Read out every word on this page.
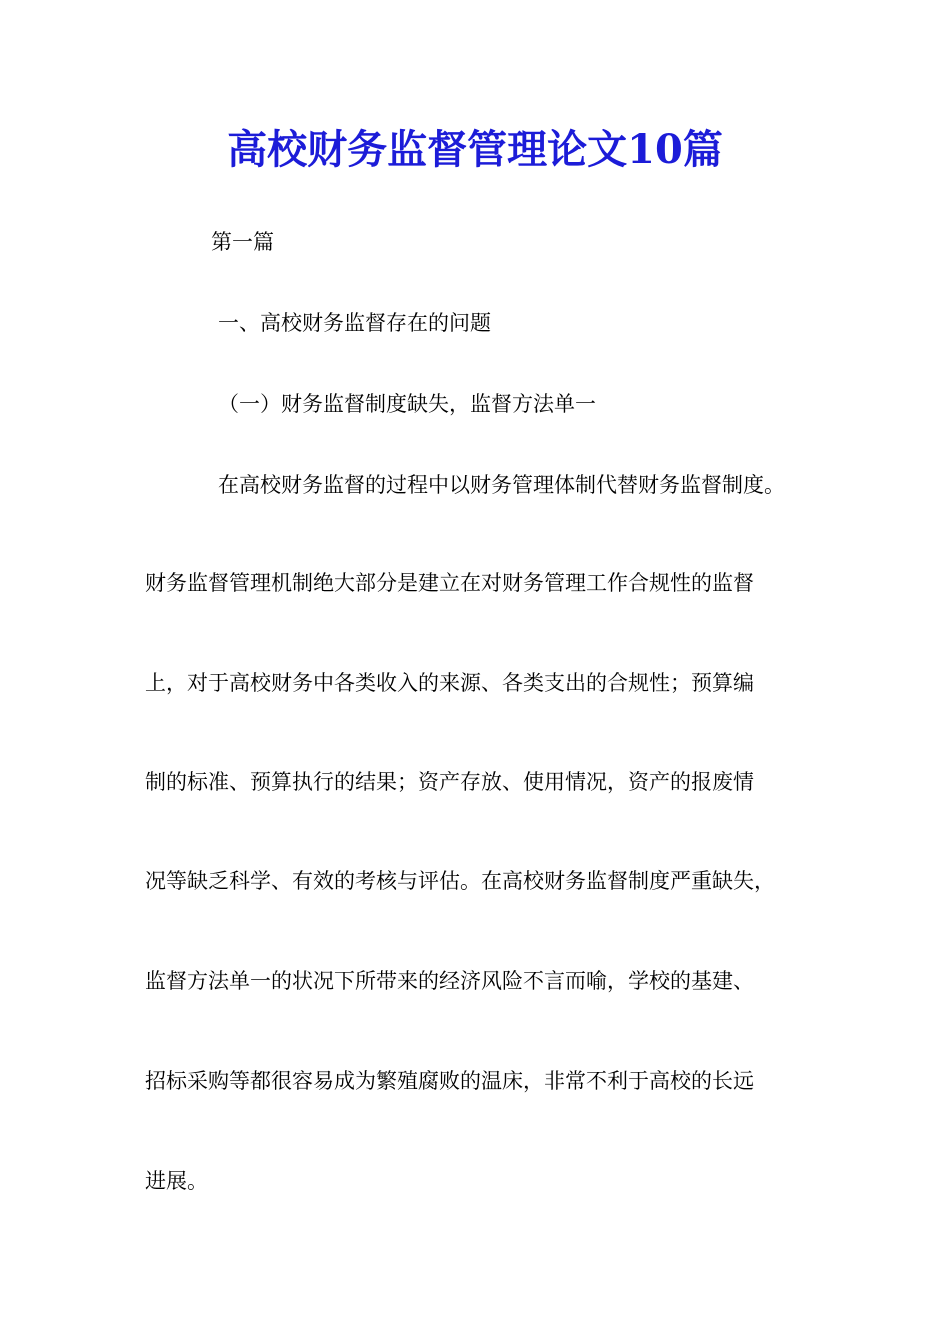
高校财务监督管理论文10篇
第一篇
一、高校财务监督存在的问题
（一）财务监督制度缺失，监督方法单一
在高校财务监督的过程中以财务管理体制代替财务监督制度。
财务监督管理机制绝大部分是建立在对财务管理工作合规性的监督
上，对于高校财务中各类收入的来源、各类支出的合规性；预算编
制的标准、预算执行的结果；资产存放、使用情况，资产的报废情
况等缺乏科学、有效的考核与评估。在高校财务监督制度严重缺失，
监督方法单一的状况下所带来的经济风险不言而喻，学校的基建、
招标采购等都很容易成为繁殖腐败的温床，非常不利于高校的长远
进展。
